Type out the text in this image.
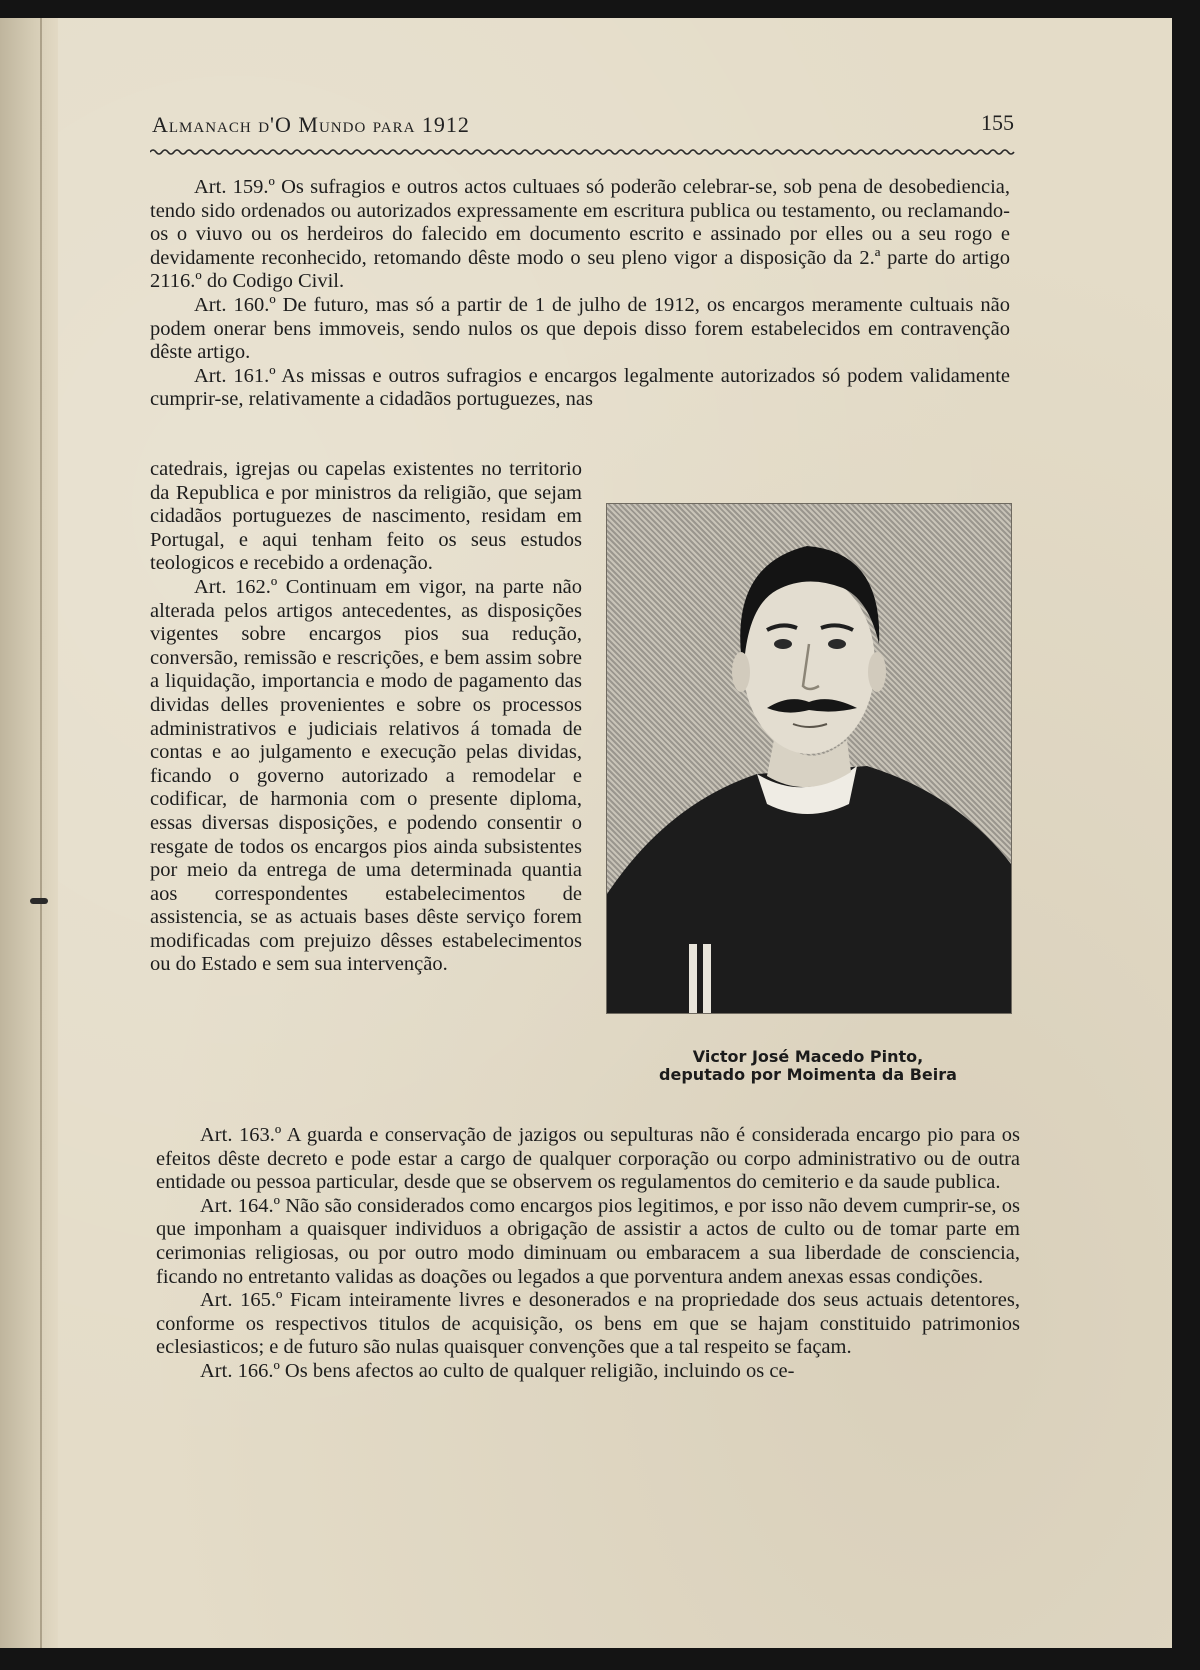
Almanach d'O Mundo para 1912	155

Art. 159.º Os sufragios e outros actos cultuaes só poderão celebrar-se, sob pena de desobediencia, tendo sido ordenados ou autorizados expressamente em escritura publica ou testamento, ou reclamando-os o viuvo ou os herdeiros do falecido em documento escrito e assinado por elles ou a seu rogo e devidamente reconhecido, retomando dêste modo o seu pleno vigor a disposição da 2.ª parte do artigo 2116.º do Codigo Civil.

Art. 160.º De futuro, mas só a partir de 1 de julho de 1912, os encargos meramente cultuais não podem onerar bens immoveis, sendo nulos os que depois disso forem estabelecidos em contravenção dêste artigo.

Art. 161.º As missas e outros sufragios e encargos legalmente autorizados só podem validamente cumprir-se, relativamente a cidadãos portuguezes, nas

catedrais, igrejas ou capelas existentes no territorio da Republica e por ministros da religião, que sejam cidadãos portuguezes de nascimento, residam em Portugal, e aqui tenham feito os seus estudos teologicos e recebido a ordenação.

Art. 162.º Continuam em vigor, na parte não alterada pelos artigos antecedentes, as disposições vigentes sobre encargos pios sua redução, conversão, remissão e rescrições, e bem assim sobre a liquidação, importancia e modo de pagamento das dividas delles provenientes e sobre os processos administrativos e judiciais relativos á tomada de contas e ao julgamento e execução pelas dividas, ficando o governo autorizado a remodelar e codificar, de harmonia com o presente diploma, essas diversas disposições, e podendo consentir o resgate de todos os encargos pios ainda subsistentes por meio da entrega de uma determinada quantia aos correspondentes estabelecimentos de assistencia, se as actuais bases dêste serviço forem modificadas com prejuizo dêsses estabelecimentos ou do Estado e sem sua intervenção.

Victor José Macedo Pinto,
deputado por Moimenta da Beira

Art. 163.º A guarda e conservação de jazigos ou sepulturas não é considerada encargo pio para os efeitos dêste decreto e pode estar a cargo de qualquer corporação ou corpo administrativo ou de outra entidade ou pessoa particular, desde que se observem os regulamentos do cemiterio e da saude publica.

Art. 164.º Não são considerados como encargos pios legitimos, e por isso não devem cumprir-se, os que imponham a quaisquer individuos a obrigação de assistir a actos de culto ou de tomar parte em cerimonias religiosas, ou por outro modo diminuam ou embaracem a sua liberdade de consciencia, ficando no entretanto validas as doações ou legados a que porventura andem anexas essas condições.

Art. 165.º Ficam inteiramente livres e desonerados e na propriedade dos seus actuais detentores, conforme os respectivos titulos de acquisição, os bens em que se hajam constituido patrimonios eclesiasticos; e de futuro são nulas quaisquer convenções que a tal respeito se façam.

Art. 166.º Os bens afectos ao culto de qualquer religião, incluindo os ce-
